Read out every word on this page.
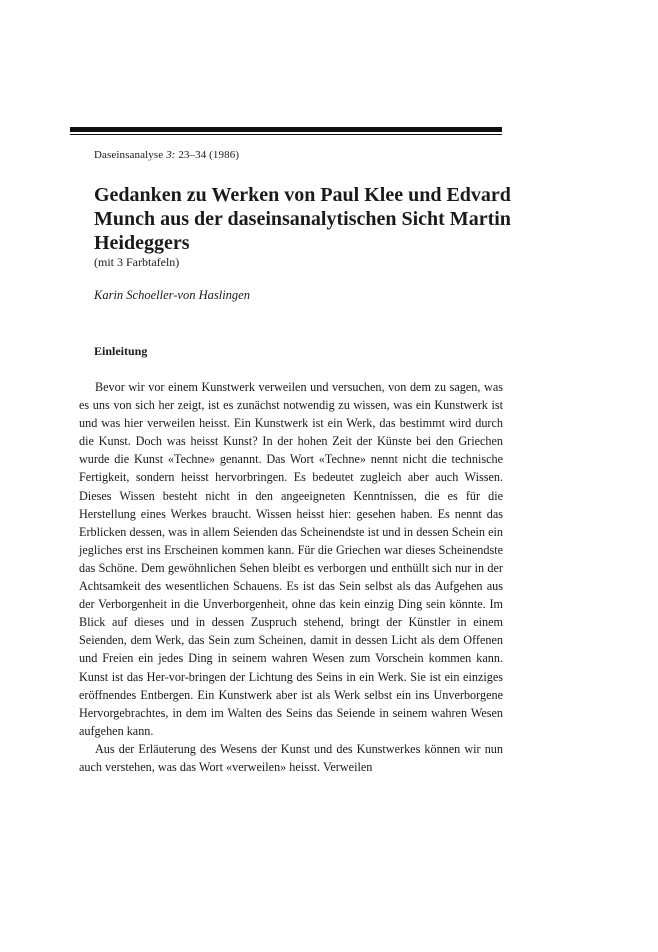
Daseinsanalyse 3: 23–34 (1986)
Gedanken zu Werken von Paul Klee und Edvard Munch aus der daseinsanalytischen Sicht Martin Heideggers
(mit 3 Farbtafeln)
Karin Schoeller-von Haslingen
Einleitung

Bevor wir vor einem Kunstwerk verweilen und versuchen, von dem zu sagen, was es uns von sich her zeigt, ist es zunächst notwendig zu wissen, was ein Kunstwerk ist und was hier verweilen heisst. Ein Kunstwerk ist ein Werk, das bestimmt wird durch die Kunst. Doch was heisst Kunst? In der hohen Zeit der Künste bei den Griechen wurde die Kunst «Techne» genannt. Das Wort «Techne» nennt nicht die technische Fertigkeit, sondern heisst hervorbringen. Es bedeutet zugleich aber auch Wissen. Dieses Wissen besteht nicht in den angeeigneten Kenntnissen, die es für die Herstellung eines Werkes braucht. Wissen heisst hier: gesehen haben. Es nennt das Erblicken dessen, was in allem Seienden das Scheinendste ist und in dessen Schein ein jegliches erst ins Erscheinen kommen kann. Für die Griechen war dieses Scheinendste das Schöne. Dem gewöhnlichen Sehen bleibt es verborgen und enthüllt sich nur in der Achtsamkeit des wesentlichen Schauens. Es ist das Sein selbst als das Aufgehen aus der Verborgenheit in die Unverborgenheit, ohne das kein einzig Ding sein könnte. Im Blick auf dieses und in dessen Zuspruch stehend, bringt der Künstler in einem Seienden, dem Werk, das Sein zum Scheinen, damit in dessen Licht als dem Offenen und Freien ein jedes Ding in seinem wahren Wesen zum Vorschein kommen kann. Kunst ist das Her-vor-bringen der Lichtung des Seins in ein Werk. Sie ist ein einziges eröffnendes Entbergen. Ein Kunstwerk aber ist als Werk selbst ein ins Unverborgene Hervorgebrachtes, in dem im Walten des Seins das Seiende in seinem wahren Wesen aufgehen kann.

Aus der Erläuterung des Wesens der Kunst und des Kunstwerkes können wir nun auch verstehen, was das Wort «verweilen» heisst. Verweilen
